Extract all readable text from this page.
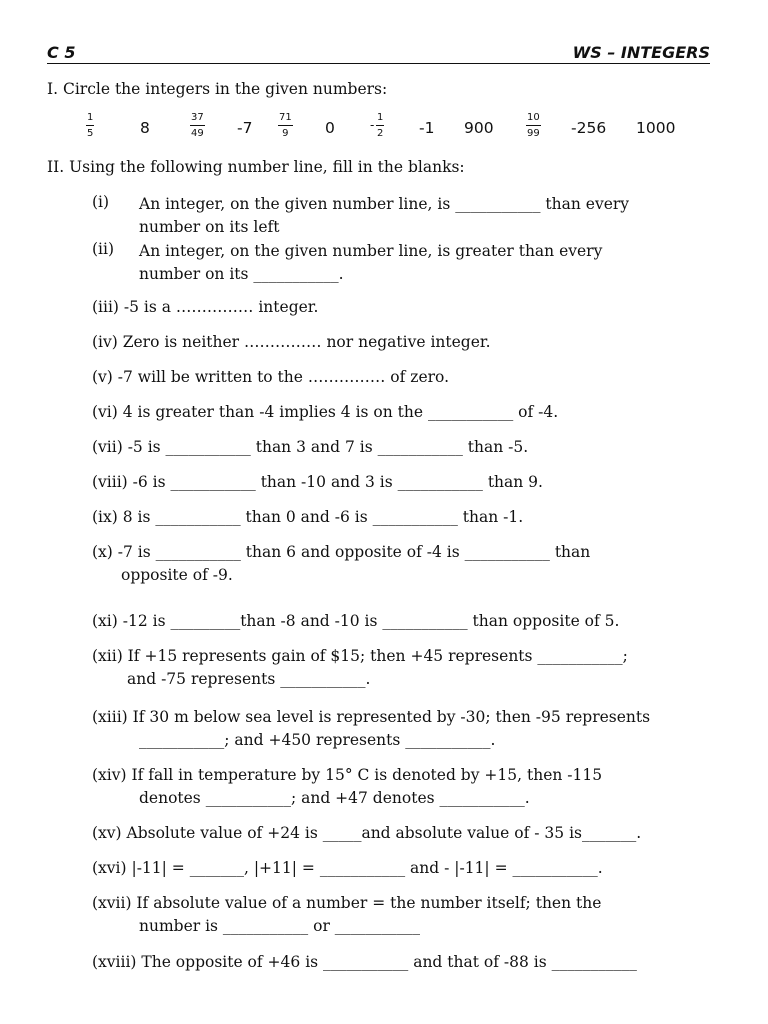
C 5	WS – INTEGERS
I. Circle the integers in the given numbers:
$\frac{1}{5}$	8	$\frac{37}{49} -7$	$\frac{71}{9} 0$	- $\frac{1}{2} -1$ 900	$\frac{10}{99} -256$ 1000
II. Using the following number line, fill in the blanks:
(i) An integer, on the given number line, is ___________ than every
number on its left
(ii) An integer, on the given number line, is greater than every
number on its ___________.
(iii) -5 is a …………… integer.
(iv) Zero is neither …………… nor negative integer.
(v) -7 will be written to the …………… of zero.
(vi) 4 is greater than -4 implies 4 is on the ___________ of -4.
(vii) -5 is ___________ than 3 and 7 is ___________ than -5.
(viii) -6 is ___________ than -10 and 3 is ___________ than 9.
(ix) 8 is ___________ than 0 and -6 is ___________ than -1.
(x) -7 is ___________ than 6 and opposite of -4 is ___________ than
opposite of -9.
(xi) -12 is _________than -8 and -10 is ___________ than opposite of 5.
(xii) If +15 represents gain of $15; then +45 represents ___________;
and -75 represents ___________.
(xiii) If 30 m below sea level is represented by -30; then -95 represents
___________; and +450 represents ___________.
(xiv) If fall in temperature by 15° C is denoted by +15, then -115
denotes ___________; and +47 denotes ___________.
(xv) Absolute value of +24 is _____and absolute value of - 35 is_______.
(xvi) |-11| = _______, |+11| = ___________ and - |-11| = ___________.
(xvii) If absolute value of a number = the number itself; then the
number is ___________ or ___________
(xviii) The opposite of +46 is ___________ and that of -88 is ___________
